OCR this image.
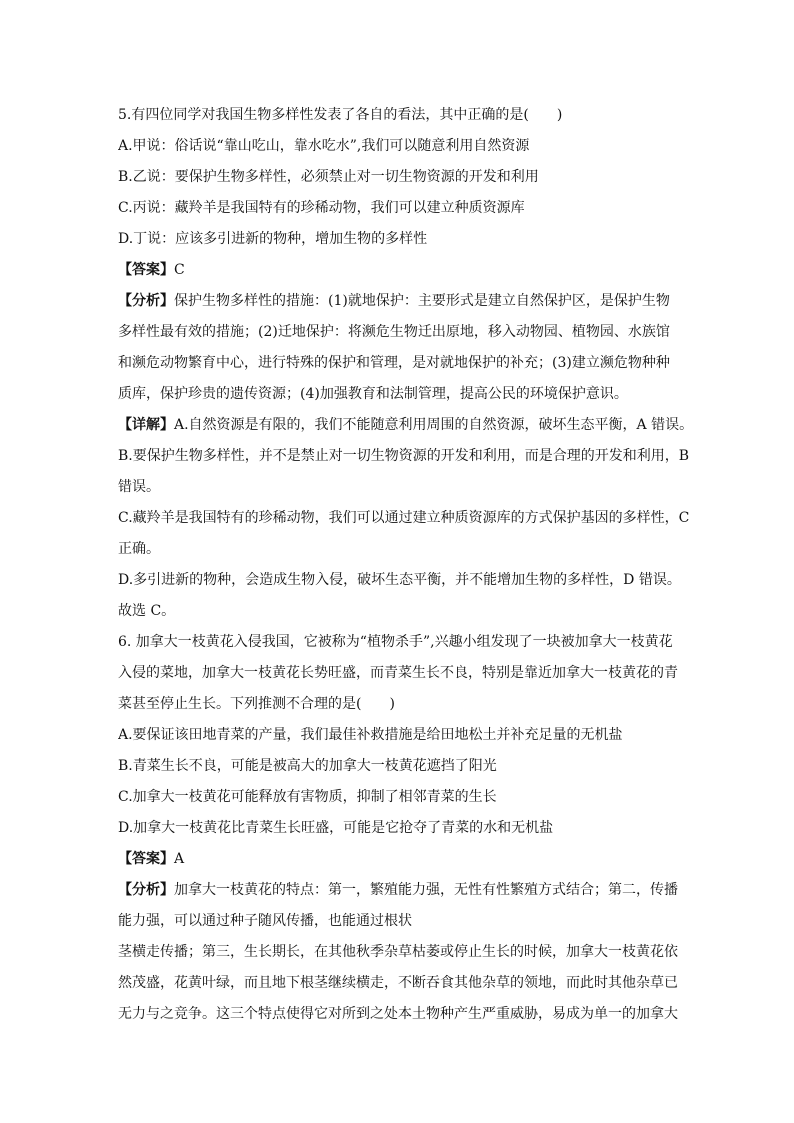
5.有四位同学对我国生物多样性发表了各自的看法，其中正确的是(　　)
A.甲说：俗话说“靠山吃山，靠水吃水”,我们可以随意利用自然资源
B.乙说：要保护生物多样性，必须禁止对一切生物资源的开发和利用
C.丙说：藏羚羊是我国特有的珍稀动物，我们可以建立种质资源库
D.丁说：应该多引进新的物种，增加生物的多样性
【答案】C
【分析】保护生物多样性的措施：(1)就地保护：主要形式是建立自然保护区，是保护生物
多样性最有效的措施；(2)迁地保护：将濒危生物迁出原地，移入动物园、植物园、水族馆
和濒危动物繁育中心，进行特殊的保护和管理，是对就地保护的补充；(3)建立濒危物种种
质库，保护珍贵的遗传资源；(4)加强教育和法制管理，提高公民的环境保护意识。
【详解】A.自然资源是有限的，我们不能随意利用周围的自然资源，破坏生态平衡，A 错误。
B.要保护生物多样性，并不是禁止对一切生物资源的开发和利用，而是合理的开发和利用，B
错误。
C.藏羚羊是我国特有的珍稀动物，我们可以通过建立种质资源库的方式保护基因的多样性，C
正确。
D.多引进新的物种，会造成生物入侵，破坏生态平衡，并不能增加生物的多样性，D 错误。
故选 C。
6. 加拿大一枝黄花入侵我国，它被称为“植物杀手”,兴趣小组发现了一块被加拿大一枝黄花
入侵的菜地，加拿大一枝黄花长势旺盛，而青菜生长不良，特别是靠近加拿大一枝黄花的青
菜甚至停止生长。下列推测不合理的是(　　)
A.要保证该田地青菜的产量，我们最佳补救措施是给田地松土并补充足量的无机盐
B.青菜生长不良，可能是被高大的加拿大一枝黄花遮挡了阳光
C.加拿大一枝黄花可能释放有害物质，抑制了相邻青菜的生长
D.加拿大一枝黄花比青菜生长旺盛，可能是它抢夺了青菜的水和无机盐
【答案】A
【分析】加拿大一枝黄花的特点：第一，繁殖能力强，无性有性繁殖方式结合；第二，传播
能力强，可以通过种子随风传播，也能通过根状
茎横走传播；第三，生长期长，在其他秋季杂草枯萎或停止生长的时候，加拿大一枝黄花依
然茂盛，花黄叶绿，而且地下根茎继续横走，不断吞食其他杂草的领地，而此时其他杂草已
无力与之竞争。这三个特点使得它对所到之处本土物种产生严重威胁，易成为单一的加拿大
